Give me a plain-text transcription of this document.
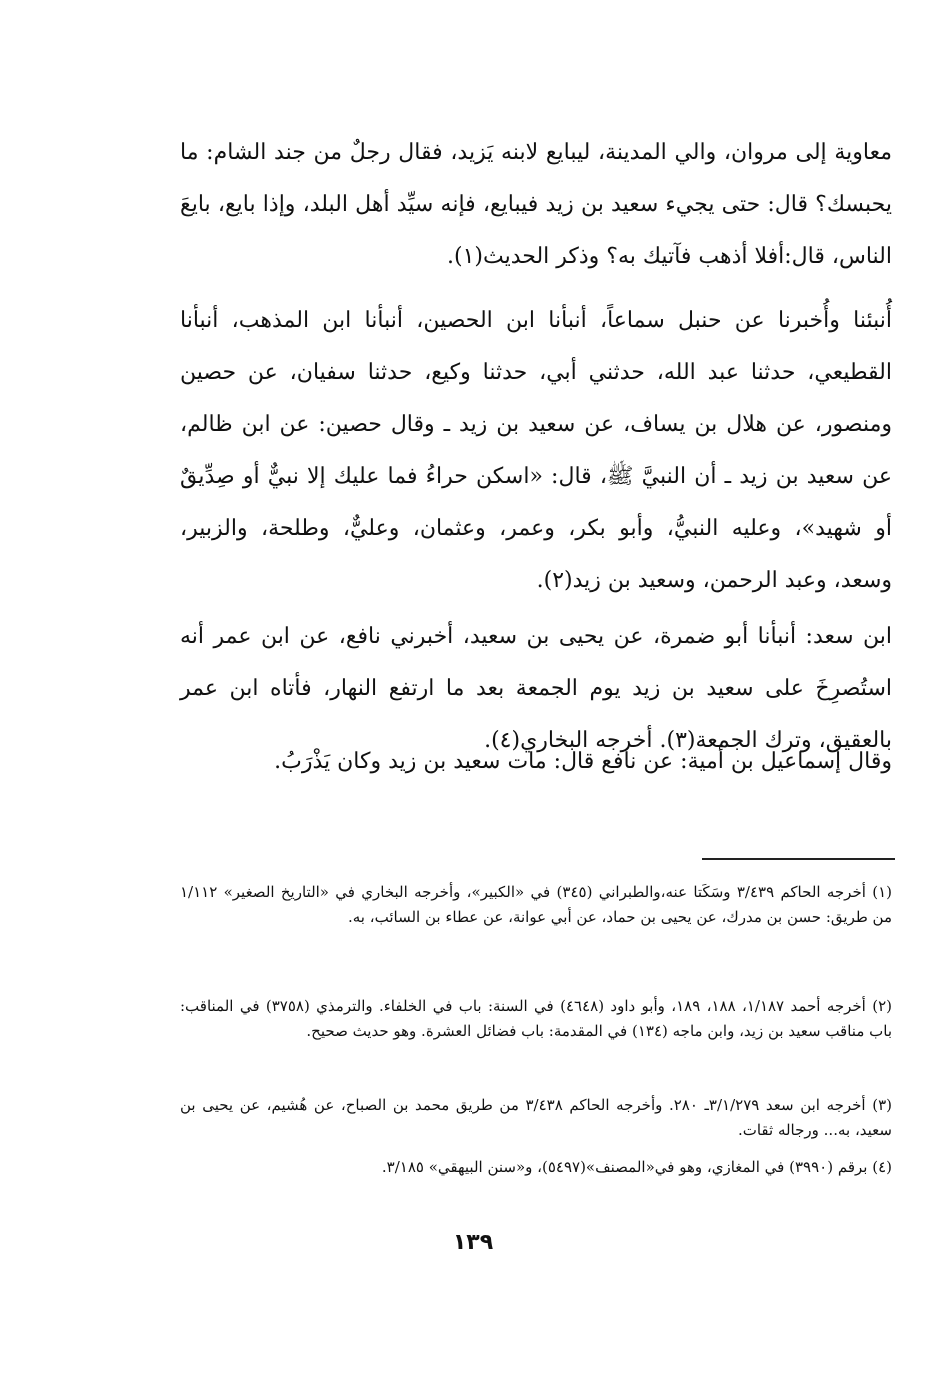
معاوية إلى مروان، والي المدينة، ليبايع لابنه يَزيد، فقال رجلٌ من جند الشام: ما يحبسك؟ قال: حتى يجيء سعيد بن زيد فيبايع، فإنه سيِّد أهل البلد، وإذا بايع، بايعَ الناس، قال:أفلا أذهب فآتيك به؟ وذكر الحديث(١).

أُنبئنا وأُخبرنا عن حنبل سماعاً، أنبأنا ابن الحصين، أنبأنا ابن المذهب، أنبأنا القطيعي، حدثنا عبد الله، حدثني أبي، حدثنا وكيع، حدثنا سفيان، عن حصين ومنصور، عن هلال بن يساف، عن سعيد بن زيد ـ وقال حصين: عن ابن ظالم، عن سعيد بن زيد ـ أن النبيَّ ﷺ، قال: «اسكن حراءُ فما عليك إلا نبيٌّ أو صِدِّيقٌ أو شهيد»، وعليه النبيُّ، وأبو بكر، وعمر، وعثمان، وعليٌّ، وطلحة، والزبير، وسعد، وعبد الرحمن، وسعيد بن زيد(٢).

ابن سعد: أنبأنا أبو ضمرة، عن يحيى بن سعيد، أخبرني نافع، عن ابن عمر أنه استُصرِخَ على سعيد بن زيد يوم الجمعة بعد ما ارتفع النهار، فأتاه ابن عمر بالعقيق، وترك الجمعة(٣). أخرجه البخاري(٤).

وقال إسماعيل بن أمية: عن نافع قال: مات سعيد بن زيد وكان يَذْرَبُ.

(١) أخرجه الحاكم ٣/٤٣٩ وسَكَتا عنه،والطبراني (٣٤٥) في «الكبير»، وأخرجه البخاري في «التاريخ الصغير» ١/١١٢ من طريق: حسن بن مدرك، عن يحيى بن حماد، عن أبي عوانة، عن عطاء بن السائب، به.

(٢) أخرجه أحمد ١/١٨٧، ١٨٨، ١٨٩، وأبو داود (٤٦٤٨) في السنة: باب في الخلفاء. والترمذي (٣٧٥٨) في المناقب: باب مناقب سعيد بن زيد، وابن ماجه (١٣٤) في المقدمة: باب فضائل العشرة. وهو حديث صحيح.

(٣) أخرجه ابن سعد ٣/١/٢٧٩ـ ٢٨٠. وأخرجه الحاكم ٣/٤٣٨ من طريق محمد بن الصباح، عن هُشيم، عن يحيى بن سعيد، به... ورجاله ثقات.

(٤) برقم (٣٩٩٠) في المغازي، وهو في«المصنف»(٥٤٩٧)، و«سنن البيهقي» ٣/١٨٥.

١٣٩
